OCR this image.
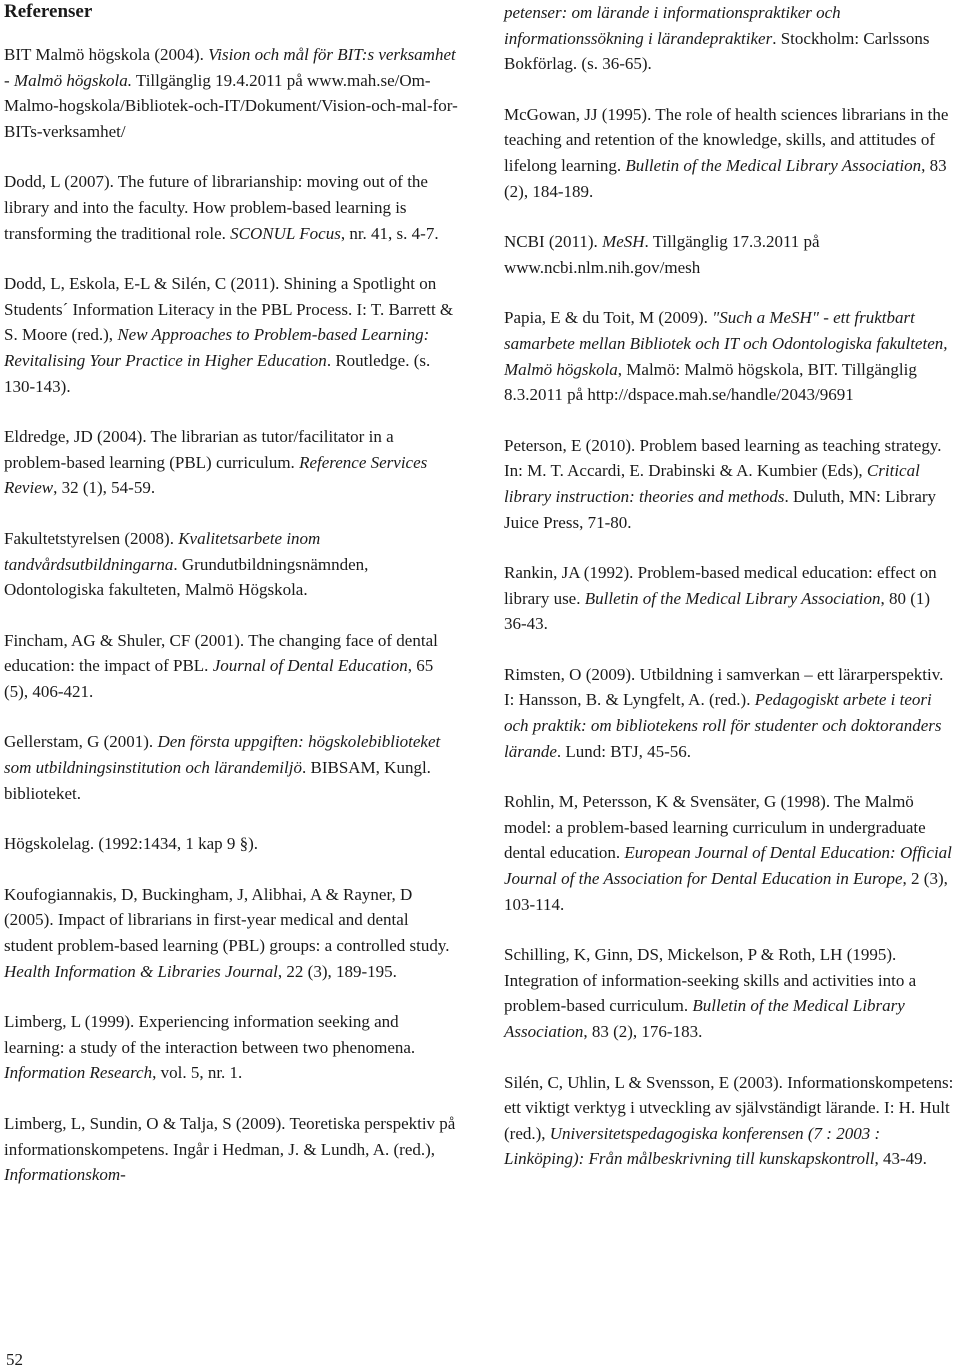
Referenser

BIT Malmö högskola (2004). Vision och mål för BIT:s verksamhet - Malmö högskola. Tillgänglig 19.4.2011 på www.mah.se/Om-Malmo-hogskola/Bibliotek-och-IT/Dokument/Vision-och-mal-for-BITs-verksamhet/

Dodd, L (2007). The future of librarianship: moving out of the library and into the faculty. How problem-based learning is transforming the traditional role. SCONUL Focus, nr. 41, s. 4-7.

Dodd, L, Eskola, E-L & Silén, C (2011). Shining a Spotlight on Students´ Information Literacy in the PBL Process. I: T. Barrett & S. Moore (red.), New Approaches to Problem-based Learning: Revitalising Your Practice in Higher Education. Routledge. (s. 130-143).

Eldredge, JD (2004). The librarian as tutor/facilitator in a problem-based learning (PBL) curriculum. Reference Services Review, 32 (1), 54-59.

Fakultetstyrelsen (2008). Kvalitetsarbete inom tandvårdsutbildningarna. Grundutbildningsnämnden, Odontologiska fakulteten, Malmö Högskola.

Fincham, AG & Shuler, CF (2001). The changing face of dental education: the impact of PBL. Journal of Dental Education, 65 (5), 406-421.

Gellerstam, G (2001). Den första uppgiften: högskolebiblioteket som utbildningsinstitution och lärandemiljö. BIBSAM, Kungl. biblioteket.

Högskolelag. (1992:1434, 1 kap 9 §).

Koufogiannakis, D, Buckingham, J, Alibhai, A & Rayner, D (2005). Impact of librarians in first-year medical and dental student problem-based learning (PBL) groups: a controlled study. Health Information & Libraries Journal, 22 (3), 189-195.

Limberg, L (1999). Experiencing information seeking and learning: a study of the interaction between two phenomena. Information Research, vol. 5, nr. 1.

Limberg, L, Sundin, O & Talja, S (2009). Teoretiska perspektiv på informationskompetens. Ingår i Hedman, J. & Lundh, A. (red.), Informationskom-

petenser: om lärande i informationspraktiker och informationssökning i lärandepraktiker. Stockholm: Carlssons Bokförlag. (s. 36-65).

McGowan, JJ (1995). The role of health sciences librarians in the teaching and retention of the knowledge, skills, and attitudes of lifelong learning. Bulletin of the Medical Library Association, 83 (2), 184-189.

NCBI (2011). MeSH. Tillgänglig 17.3.2011 på www.ncbi.nlm.nih.gov/mesh

Papia, E & du Toit, M (2009). "Such a MeSH" - ett fruktbart samarbete mellan Bibliotek och IT och Odontologiska fakulteten, Malmö högskola, Malmö: Malmö högskola, BIT. Tillgänglig 8.3.2011 på http://dspace.mah.se/handle/2043/9691

Peterson, E (2010). Problem based learning as teaching strategy. In: M. T. Accardi, E. Drabinski & A. Kumbier (Eds), Critical library instruction: theories and methods. Duluth, MN: Library Juice Press, 71-80.

Rankin, JA (1992). Problem-based medical education: effect on library use. Bulletin of the Medical Library Association, 80 (1) 36-43.

Rimsten, O (2009). Utbildning i samverkan – ett lärarperspektiv. I: Hansson, B. & Lyngfelt, A. (red.). Pedagogiskt arbete i teori och praktik: om bibliotekens roll för studenter och doktoranders lärande. Lund: BTJ, 45-56.

Rohlin, M, Petersson, K & Svensäter, G (1998). The Malmö model: a problem-based learning curriculum in undergraduate dental education. European Journal of Dental Education: Official Journal of the Association for Dental Education in Europe, 2 (3), 103-114.

Schilling, K, Ginn, DS, Mickelson, P & Roth, LH (1995). Integration of information-seeking skills and activities into a problem-based curriculum. Bulletin of the Medical Library Association, 83 (2), 176-183.

Silén, C, Uhlin, L & Svensson, E (2003). Informationskompetens: ett viktigt verktyg i utveckling av självständigt lärande. I: H. Hult (red.), Universitetspedagogiska konferensen (7 : 2003 : Linköping): Från målbeskrivning till kunskapskontroll, 43-49.

52
